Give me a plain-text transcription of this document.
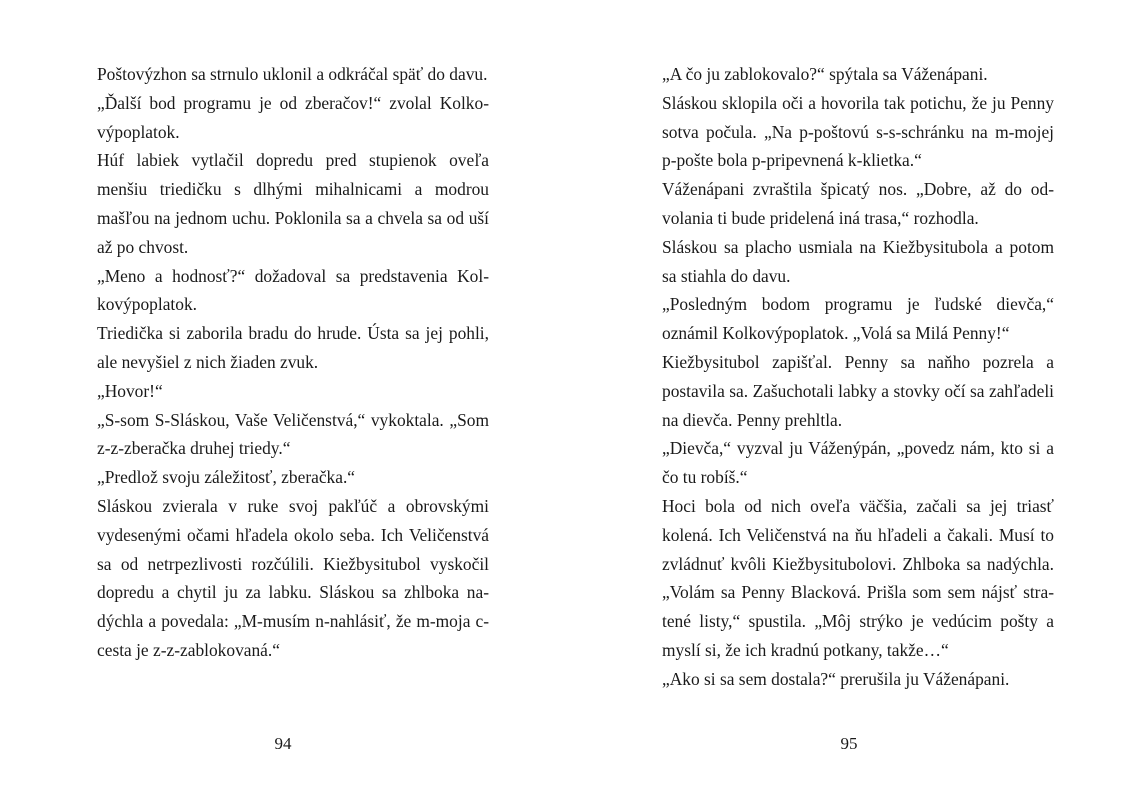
Poštovýzhon sa strnulo uklonil a odkráčal späť do davu.

„Ďalší bod programu je od zberačov!“ zvolal Kolkovýpoplatok.

Húf labiek vytlačil dopredu pred stupienok oveľa menšiu triedičku s dlhými mihalnicami a modrou mašľou na jednom uchu. Poklonila sa a chvela sa od uší až po chvost.

„Meno a hodnosť?“ dožadoval sa predstavenia Kolkovýpoplatok.

Triedička si zaborila bradu do hrude. Ústa sa jej pohli, ale nevyšiel z nich žiaden zvuk.

„Hovor!“

„S-som S-Sláskou, Vaše Veličenstvá,“ vykoktala. „Som z-z-zberačka druhej triedy.“

„Predlož svoju záležitosť, zberačka.“

Sláskou zvierala v ruke svoj pakľúč a obrovskými vydesenými očami hľadela okolo seba. Ich Veličenstvá sa od netrpezlivosti rozčúlili. Kiežbysitubol vyskočil dopredu a chytil ju za labku. Sláskou sa zhlboka nadýchla a povedala: „M-musím n-nahlásiť, že m-moja c-cesta je z-z-zablokovaná.“

94

„A čo ju zablokovalo?“ spýtala sa Váženápani.

Sláskou sklopila oči a hovorila tak potichu, že ju Penny sotva počula. „Na p-poštovú s-s-schránku na m-mojej p-pošte bola p-pripevnená k-klietka.“

Váženápani zvraštila špicatý nos. „Dobre, až do odvolania ti bude pridelená iná trasa,“ rozhodla.

Sláskou sa placho usmiala na Kiežbysitubola a potom sa stiahla do davu.

„Posledným bodom programu je ľudské dievča,“ oznámil Kolkovýpoplatok. „Volá sa Milá Penny!“

Kiežbysitubol zapišťal. Penny sa naňho pozrela a postavila sa. Zašuchotali labky a stovky očí sa zahľadeli na dievča. Penny prehltla.

„Dievča,“ vyzval ju Váženýpán, „povedz nám, kto si a čo tu robíš.“

Hoci bola od nich oveľa väčšia, začali sa jej triasť kolená. Ich Veličenstvá na ňu hľadeli a čakali. Musí to zvládnuť kvôli Kiežbysitubolovi. Zhlboka sa nadýchla. „Volám sa Penny Blacková. Prišla som sem nájsť stratené listy,“ spustila. „Môj strýko je vedúcim pošty a myslí si, že ich kradnú potkany, takže…“

„Ako si sa sem dostala?“ prerušila ju Váženápani.

95
